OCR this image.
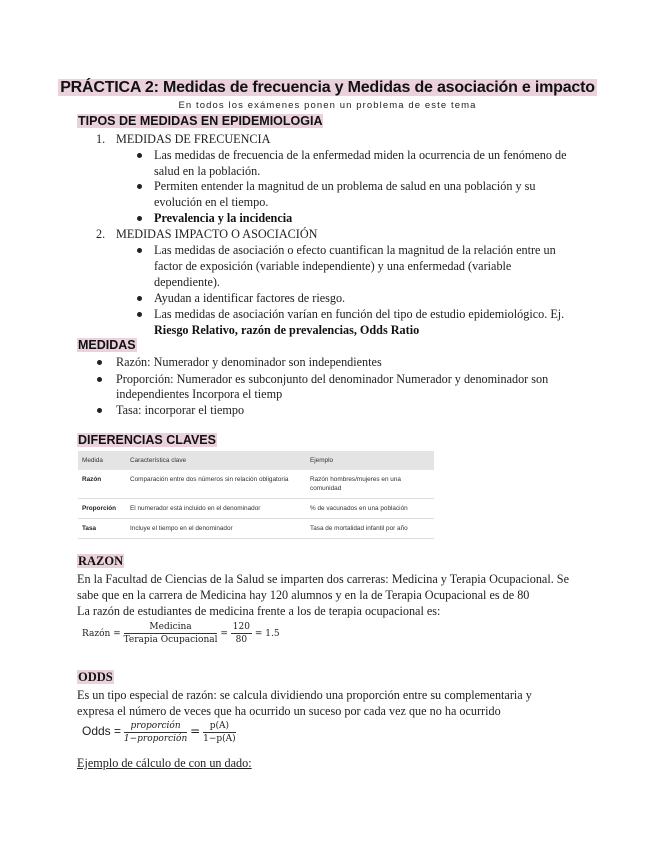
PRÁCTICA 2: Medidas de frecuencia y Medidas de asociación e impacto
En todos los exámenes ponen un problema de este tema
TIPOS DE MEDIDAS EN EPIDEMIOLOGIA
1. MEDIDAS DE FRECUENCIA
Las medidas de frecuencia de la enfermedad miden la ocurrencia de un fenómeno de
salud en la población.
Permiten entender la magnitud de un problema de salud en una población y su
evolución en el tiempo.
Prevalencia y la incidencia
2. MEDIDAS IMPACTO O ASOCIACIÓN
Las medidas de asociación o efecto cuantifican la magnitud de la relación entre un
factor de exposición (variable independiente) y una enfermedad (variable
dependiente).
Ayudan a identificar factores de riesgo.
Las medidas de asociación varían en función del tipo de estudio epidemiológico. Ej.
Riesgo Relativo, razón de prevalencias, Odds Ratio
MEDIDAS
Razón: Numerador y denominador son independientes
Proporción: Numerador es subconjunto del denominador Numerador y denominador son
independientes Incorpora el tiemp
Tasa: incorporar el tiempo
DIFERENCIAS CLAVES
Medida	Característica clave	Ejemplo
Razón	Comparación entre dos números sin relación obligatoria	Razón hombres/mujeres en una comunidad
Proporción	El numerador está incluido en el denominador	% de vacunados en una población
Tasa	Incluye el tiempo en el denominador	Tasa de mortalidad infantil por año
RAZON
En la Facultad de Ciencias de la Salud se imparten dos carreras: Medicina y Terapia Ocupacional. Se
sabe que en la carrera de Medicina hay 120 alumnos y en la de Terapia Ocupacional es de 80
La razón de estudiantes de medicina frente a los de terapia ocupacional es:
Razón = $\frac{\text{Medicina}}{\text{Terapia Ocupacional}} = \frac{120}{80} = 1.5$
ODDS
Es un tipo especial de razón: se calcula dividiendo una proporción entre su complementaria y
expresa el número de veces que ha ocurrido un suceso por cada vez que no ha ocurrido
Odds = $\frac{\text{proporción}}{\text{1−proporción}} = \frac{p(A)}{1-p(A)}$
Ejemplo de cálculo de con un dado:
